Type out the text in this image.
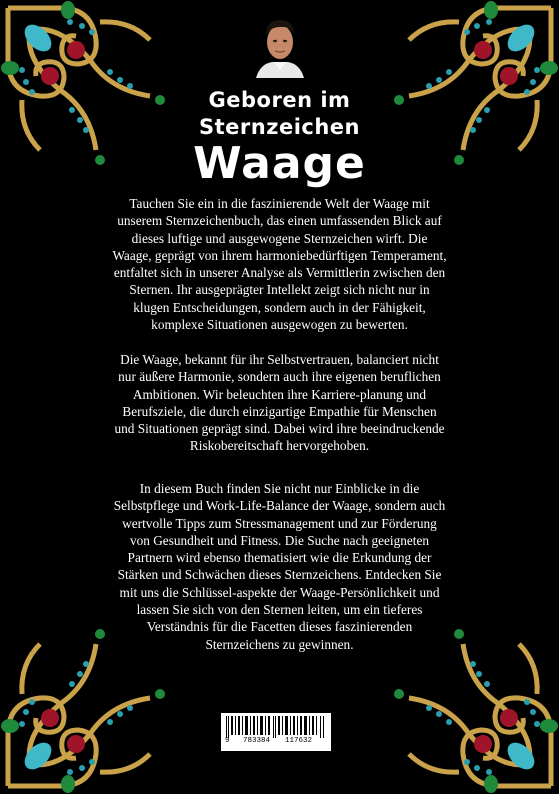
Geboren im
Sternzeichen
Waage
Tauchen Sie ein in die faszinierende Welt der Waage mit unserem Sternzeichenbuch, das einen umfassenden Blick auf dieses luftige und ausgewogene Sternzeichen wirft. Die Waage, geprägt von ihrem harmoniebedürftigen Temperament, entfaltet sich in unserer Analyse als Vermittlerin zwischen den Sternen. Ihr ausgeprägter Intellekt zeigt sich nicht nur in klugen Entscheidungen, sondern auch in der Fähigkeit, komplexe Situationen ausgewogen zu bewerten.
Die Waage, bekannt für ihr Selbstvertrauen, balanciert nicht nur äußere Harmonie, sondern auch ihre eigenen beruflichen Ambitionen. Wir beleuchten ihre Karriere-planung und Berufsziele, die durch einzigartige Empathie für Menschen und Situationen geprägt sind. Dabei wird ihre beeindruckende Riskobereitschaft hervorgehoben.
In diesem Buch finden Sie nicht nur Einblicke in die Selbstpflege und Work-Life-Balance der Waage, sondern auch wertvolle Tipps zum Stressmanagement und zur Förderung von Gesundheit und Fitness. Die Suche nach geeigneten Partnern wird ebenso thematisiert wie die Erkundung der Stärken und Schwächen dieses Sternzeichens. Entdecken Sie mit uns die Schlüssel-aspekte der Waage-Persönlichkeit und lassen Sie sich von den Sternen leiten, um ein tieferes Verständnis für die Facetten dieses faszinierenden Sternzeichens zu gewinnen.
9 783384 117632
